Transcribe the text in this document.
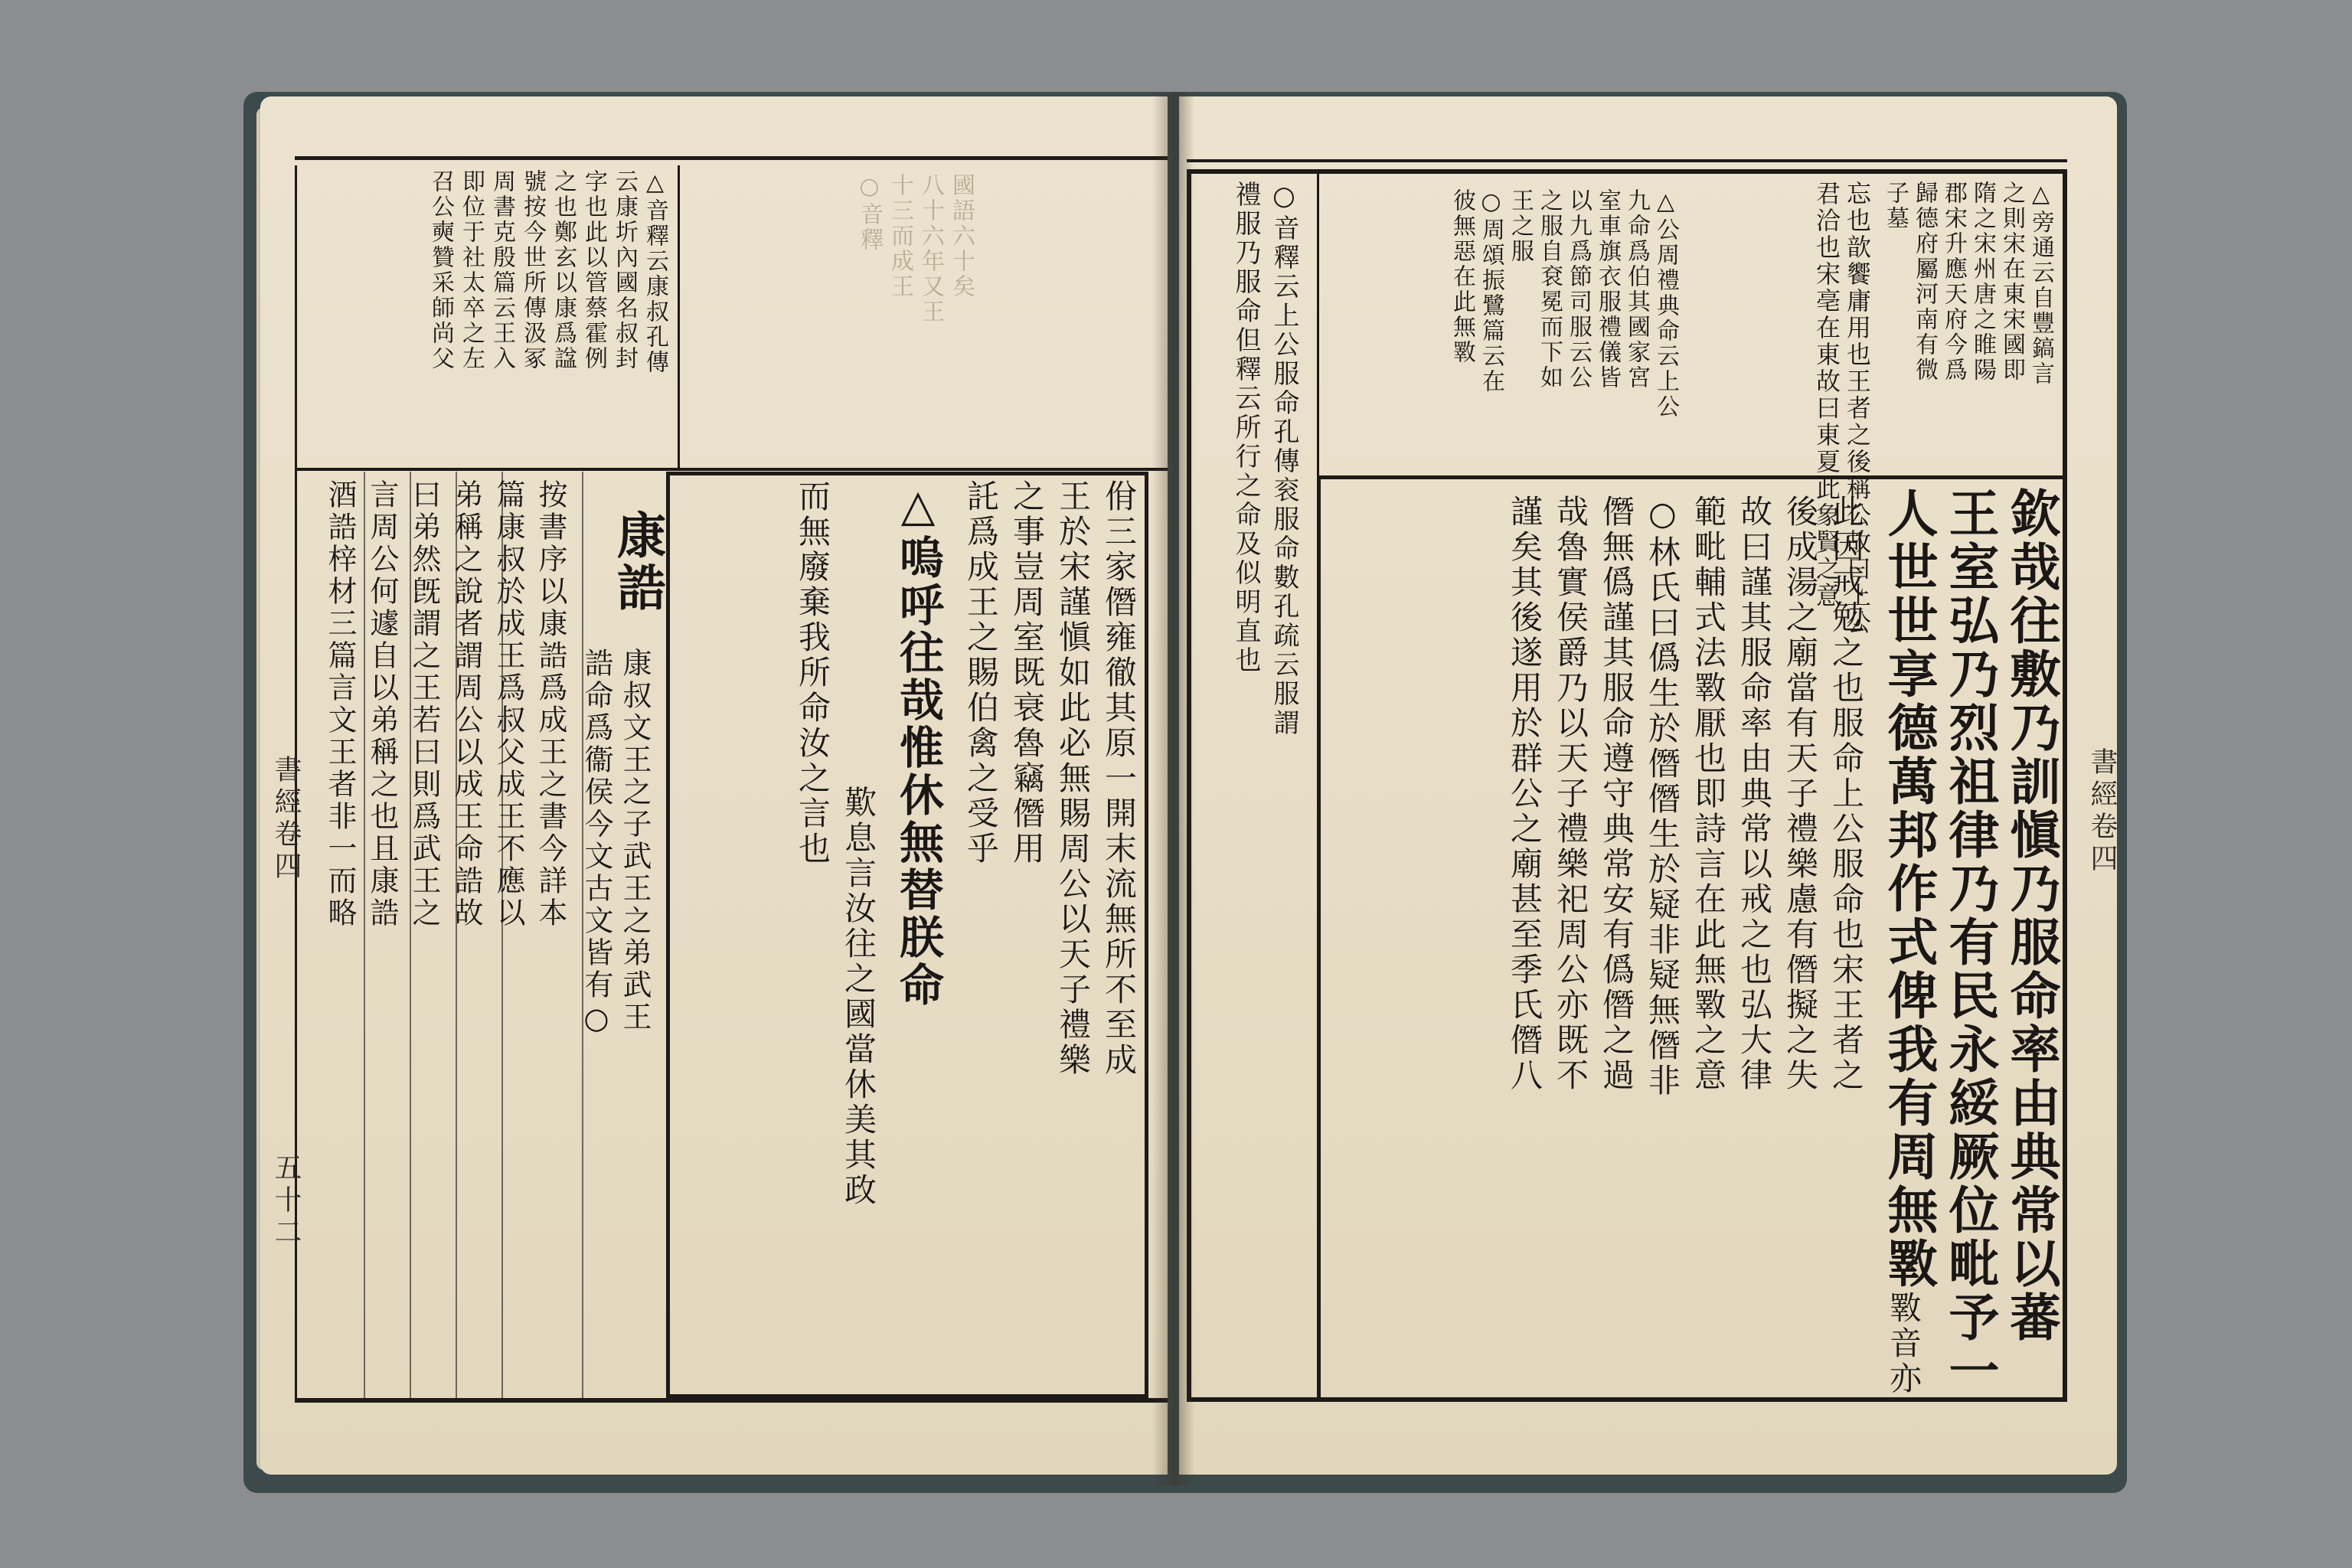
△音釋云康叔孔傳
云康圻內國名叔封
字也此以管蔡霍例
之也鄭玄以康爲諡
號按今世所傳汲冢
周書克殷篇云王入
即位于社太卒之左
召公奭贊采師尚父	國語六十矣
八十六年又王
十三而成王
○音釋
佾三家僭雍徹其原一開末流無所不至成
王於宋謹愼如此必無賜周公以天子禮樂
之事豈周室既衰魯竊僭用
託爲成王之賜伯禽之受乎
△嗚呼往哉惟休無替朕命
歎息言汝往之國當休美其政
而無廢棄我所命汝之言也
康誥
康叔文王之子武王之弟武王
誥命爲衞侯今文古文皆有○
按書序以康誥爲成王之書今詳本
篇康叔於成王爲叔父成王不應以
弟稱之說者謂周公以成王命誥故
曰弟然旣謂之王若曰則爲武王之
言周公何遽自以弟稱之也且康誥
酒誥梓材三篇言文王者非一而略
書經卷四
五十二
△旁通云自豐鎬言
之則宋在東宋國即
隋之宋州唐之睢陽
郡宋升應天府今爲
歸德府屬河南有微
子墓
△公周禮典命云上公
九命爲伯其國家宮
室車旗衣服禮儀皆
以九爲節司服云公
之服自袞冕而下如
王之服
○周頌振鷺篇云在
彼無惡在此無斁	忘也歆饗庸用也王者之後稱公故曰上公
君洽也宋亳在東故曰東夏此象賢之意
○音釋云上公服命孔傳衮服命數孔疏云服謂
禮服乃服命但釋云所行之命及似明直也
欽哉往敷乃訓愼乃服命率由典常以蕃
王室弘乃烈祖律乃有民永綏厥位毗予一
人世世享德萬邦作式俾我有周無斁
斁音亦
此因戒勉之也服命上公服命也宋王者之
後成湯之廟當有天子禮樂慮有僭擬之失
故曰謹其服命率由典常以戒之也弘大律
範毗輔式法斁厭也即詩言在此無斁之意
○林氏曰僞生於僭僭生於疑非疑無僭非
僭無僞謹其服命遵守典常安有僞僭之過
哉魯實侯爵乃以天子禮樂祀周公亦既不
謹矣其後遂用於群公之廟甚至季氏僭八	書經卷四
